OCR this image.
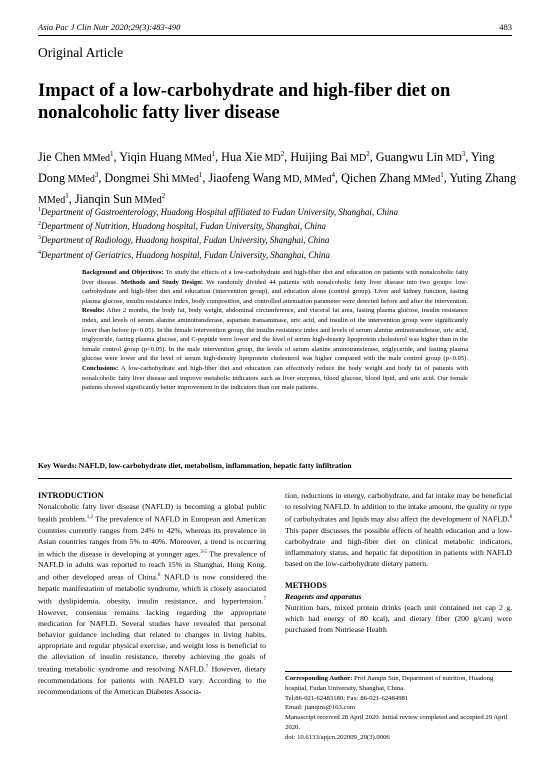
Asia Pac J Clin Nutr 2020;29(3):483-490	483
Original Article
Impact of a low-carbohydrate and high-fiber diet on nonalcoholic fatty liver disease
Jie Chen MMed$^1$, Yiqin Huang MMed$^1$, Hua Xie $MD^2$, Huijing Bai $MD^2$, Guangwu Lin $MD^3$, Ying Dong MMed$^3$, Dongmei Shi MMed$^1$, Jiaofeng Wang MD, MMed$^4$, Qichen Zhang MMed$^1$, Yuting Zhang MMed$^1$, Jianqin Sun MMed$^2$
$^1$Department of Gastroenterology, Huadong Hospital affiliated to Fudan University, Shanghai, China
$^2$Department of Nutrition, Huadong hospital, Fudan University, Shanghai, China
$^3$Department of Radiology, Huadong hospital, Fudan University, Shanghai, China
$^4$Department of Geriatrics, Huadong hospital, Fudan University, Shanghai, China
Background and Objectives: To study the effects of a low-carbohydrate and high-fiber diet and education on patients with nonalcoholic fatty liver disease. Methods and Study Design: We randomly divided 44 patients with nonalcoholic fatty liver disease into two groups: low-carbohydrate and high-fiber diet and education (intervention group), and education alone (control group). Liver and kidney function, fasting plasma glucose, insulin resistance index, body composition, and controlled attenuation parameter were detected before and after the intervention. Results: After 2 months, the body fat, body weight, abdominal circumference, and visceral fat area, fasting plasma glucose, insulin resistance index, and levels of serum alanine aminotransferase, aspartate transaminase, uric acid, and insulin of the intervention group were significantly lower than before (p<0.05). In the female intervention group, the insulin resistance index and levels of serum alanine aminotransferase, uric acid, triglyceride, fasting plasma glucose, and C-peptide were lower and the level of serum high-density lipoprotein cholesterol was higher than in the female control group (p<0.05). In the male intervention group, the levels of serum alanine aminotransferase, triglyceride, and fasting plasma glucose were lower and the level of serum high-density lipoprotein cholesterol was higher compared with the male control group (p<0.05). Conclusions: A low-carbohydrate and high-fiber diet and education can effectively reduce the body weight and body fat of patients with nonalcoholic fatty liver disease and improve metabolic indicators such as liver enzymes, blood glucose, blood lipid, and uric acid. Our female patients showed significantly better improvement in the indicators than our male patients.
Key Words: NAFLD, low-carbohydrate diet, metabolism, inflammation, hepatic fatty infiltration
INTRODUCTION
Nonalcoholic fatty liver disease (NAFLD) is becoming a global public health problem.$^{1,2}$ The prevalence of NAFLD in European and American countries currently ranges from 24% to 42%, whereas its prevalence in Asian countries ranges from 5% to 40%. Moreover, a trend is occurring in which the disease is developing at younger ages.$^{3-5}$ The prevalence of NAFLD in adults was reported to reach 15% in Shanghai, Hong Kong, and other developed areas of China.$^6$ NAFLD is now considered the hepatic manifestation of metabolic syndrome, which is closely associated with dyslipidemia, obesity, insulin resistance, and hypertension.$^7$ However, consensus remains lacking regarding the appropriate medication for NAFLD. Several studies have revealed that personal behavior guidance including that related to changes in living habits, appropriate and regular physical exercise, and weight loss is beneficial to the alleviation of insulin resistance, thereby achieving the goals of treating metabolic syndrome and resolving NAFLD.$^7$ However, dietary recommendations for patients with NAFLD vary. According to the recommendations of the American Diabetes Associa-
tion, reductions in energy, carbohydrate, and fat intake may be beneficial to resolving NAFLD. In addition to the intake amount, the quality or type of carbohydrates and lipids may also affect the development of NAFLD.$^8$ This paper discusses the possible effects of health education and a low-carbohydrate and high-fiber diet on clinical metabolic indicators, inflammatory status, and hepatic fat deposition in patients with NAFLD based on the low-carbohydrate dietary pattern.
METHODS
Reagents and apparatus
Nutrition bars, mixed protein drinks (each unit contained net cap 2 g, which had energy of 80 kcal), and dietary fiber (200 g/can) were purchased from Nutriease Health
Corresponding Author: Prof Jianqin Sun, Department of nutrition, Huadong hospital, Fudan University, Shanghai, China.
Tel:86-021-62483180; Fax: 86-021-62484981
Email: jianqins@163.com
Manuscript received 28 April 2020. Initial review completed and accepted 29 April 2020.
doi: 10.6133/apjcn.202009_29(3).0006
